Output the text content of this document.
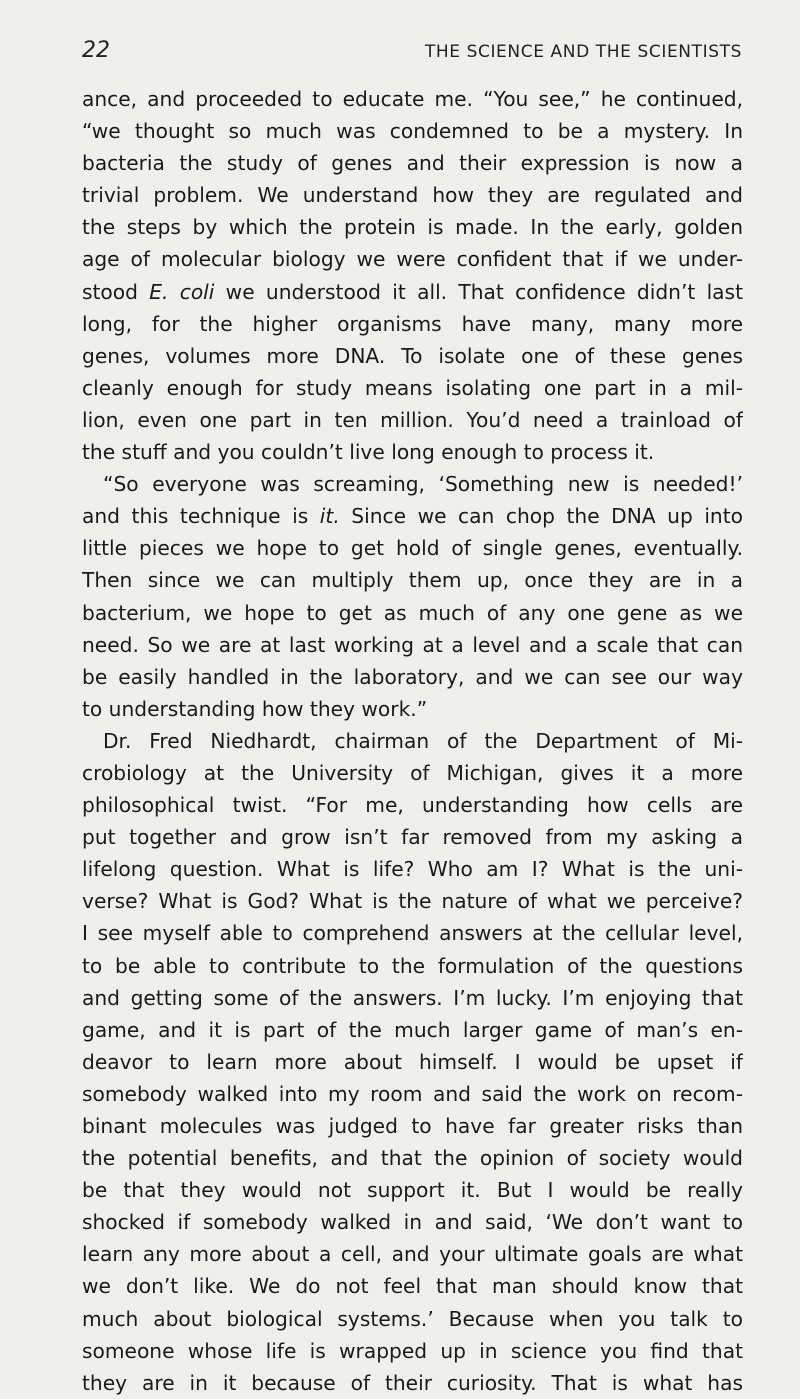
22	THE SCIENCE AND THE SCIENTISTS
ance, and proceeded to educate me. “You see,” he continued,
“we thought so much was condemned to be a mystery. In
bacteria the study of genes and their expression is now a
trivial problem. We understand how they are regulated and
the steps by which the protein is made. In the early, golden
age of molecular biology we were confident that if we under-
stood E. coli we understood it all. That confidence didn’t last
long, for the higher organisms have many, many more
genes, volumes more DNA. To isolate one of these genes
cleanly enough for study means isolating one part in a mil-
lion, even one part in ten million. You’d need a trainload of
the stuff and you couldn’t live long enough to process it.
“So everyone was screaming, ‘Something new is needed!’
and this technique is it. Since we can chop the DNA up into
little pieces we hope to get hold of single genes, eventually.
Then since we can multiply them up, once they are in a
bacterium, we hope to get as much of any one gene as we
need. So we are at last working at a level and a scale that can
be easily handled in the laboratory, and we can see our way
to understanding how they work.”
Dr. Fred Niedhardt, chairman of the Department of Mi-
crobiology at the University of Michigan, gives it a more
philosophical twist. “For me, understanding how cells are
put together and grow isn’t far removed from my asking a
lifelong question. What is life? Who am I? What is the uni-
verse? What is God? What is the nature of what we perceive?
I see myself able to comprehend answers at the cellular level,
to be able to contribute to the formulation of the questions
and getting some of the answers. I’m lucky. I’m enjoying that
game, and it is part of the much larger game of man’s en-
deavor to learn more about himself. I would be upset if
somebody walked into my room and said the work on recom-
binant molecules was judged to have far greater risks than
the potential benefits, and that the opinion of society would
be that they would not support it. But I would be really
shocked if somebody walked in and said, ‘We don’t want to
learn any more about a cell, and your ultimate goals are what
we don’t like. We do not feel that man should know that
much about biological systems.’ Because when you talk to
someone whose life is wrapped up in science you find that
they are in it because of their curiosity. That is what has
